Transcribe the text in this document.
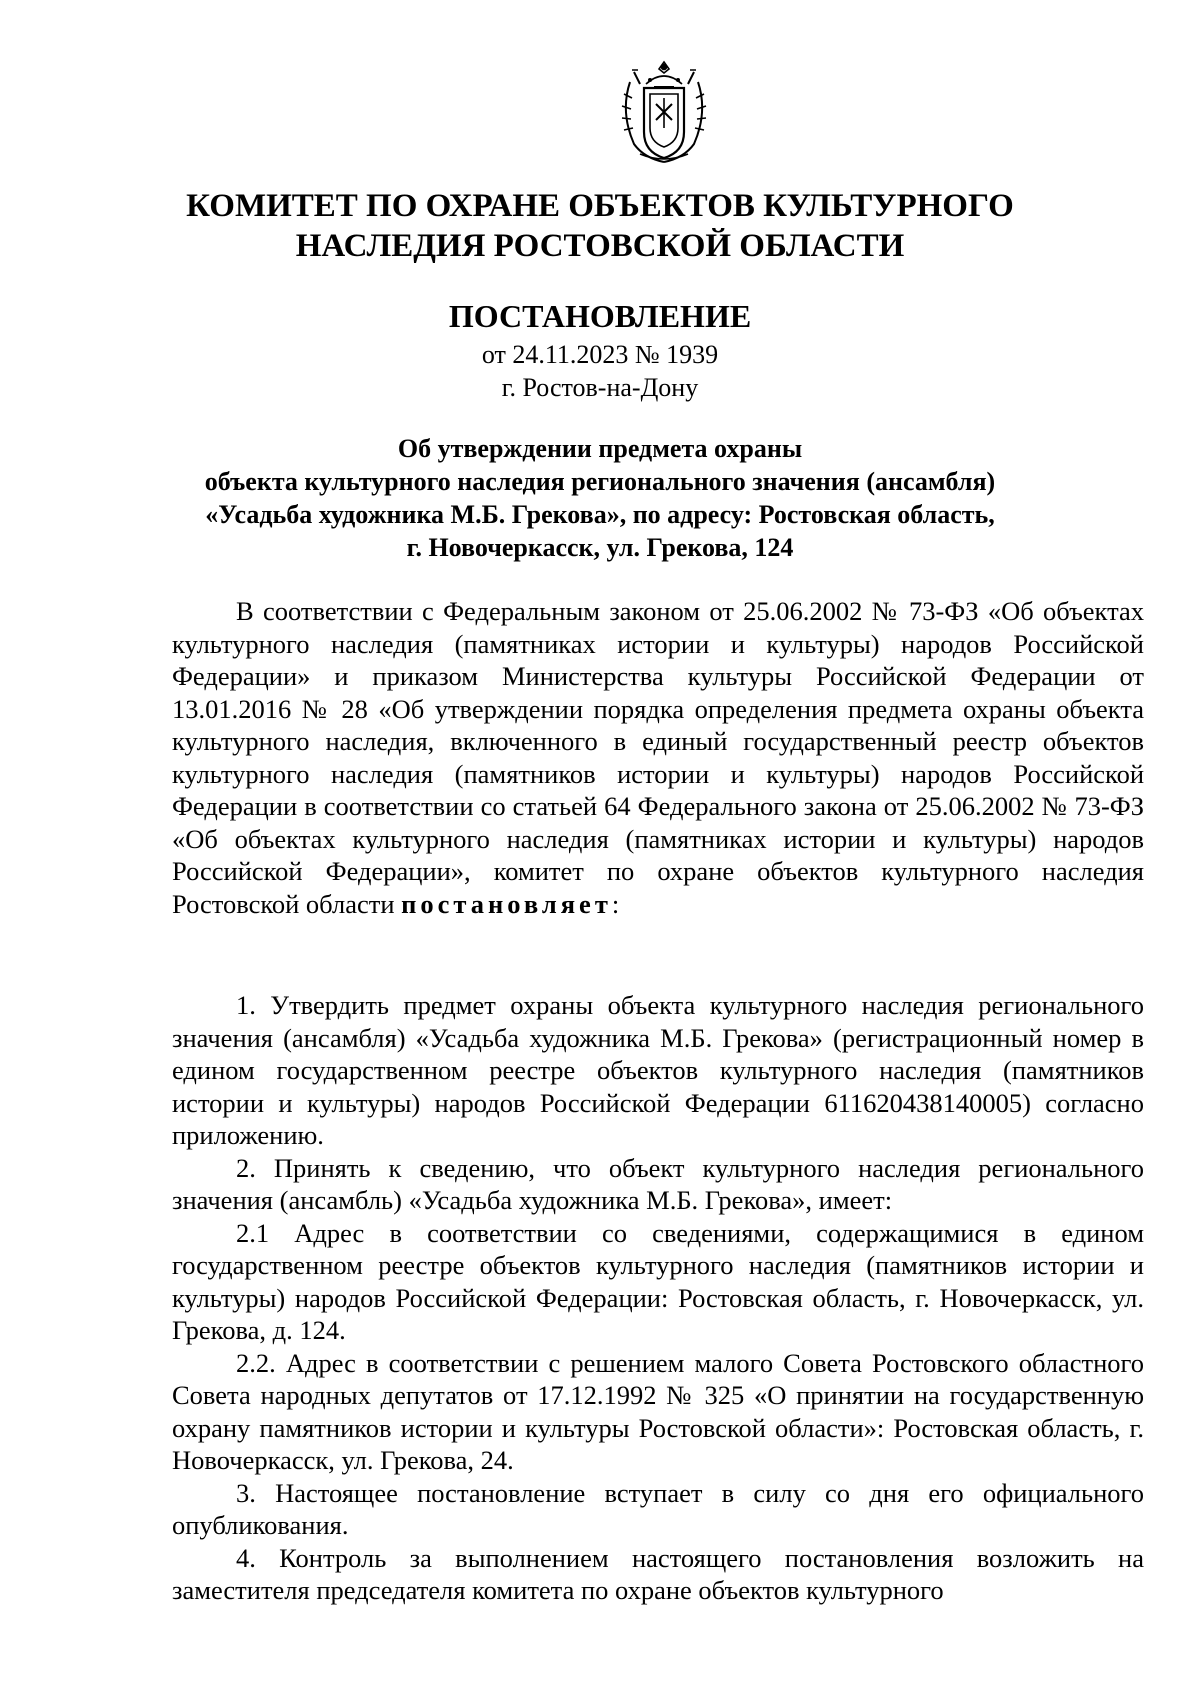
КОМИТЕТ ПО ОХРАНЕ ОБЪЕКТОВ КУЛЬТУРНОГО
НАСЛЕДИЯ РОСТОВСКОЙ ОБЛАСТИ
ПОСТАНОВЛЕНИЕ
от 24.11.2023 № 1939
г. Ростов-на-Дону
Об утверждении предмета охраны
объекта культурного наследия регионального значения (ансамбля)
«Усадьба художника М.Б. Грекова», по адресу: Ростовская область,
г. Новочеркасск, ул. Грекова, 124

В соответствии с Федеральным законом от 25.06.2002 № 73-ФЗ «Об объектах культурного наследия (памятниках истории и культуры) народов Российской Федерации» и приказом Министерства культуры Российской Федерации от 13.01.2016 № 28 «Об утверждении порядка определения предмета охраны объекта культурного наследия, включенного в единый государственный реестр объектов культурного наследия (памятников истории и культуры) народов Российской Федерации в соответствии со статьей 64 Федерального закона от 25.06.2002 № 73-ФЗ «Об объектах культурного наследия (памятниках истории и культуры) народов Российской Федерации», комитет по охране объектов культурного наследия Ростовской области постановляет:

1. Утвердить предмет охраны объекта культурного наследия регионального значения (ансамбля) «Усадьба художника М.Б. Грекова» (регистрационный номер в едином государственном реестре объектов культурного наследия (памятников истории и культуры) народов Российской Федерации 611620438140005) согласно приложению.

2. Принять к сведению, что объект культурного наследия регионального значения (ансамбль) «Усадьба художника М.Б. Грекова», имеет:

2.1 Адрес в соответствии со сведениями, содержащимися в едином государственном реестре объектов культурного наследия (памятников истории и культуры) народов Российской Федерации: Ростовская область, г. Новочеркасск, ул. Грекова, д. 124.

2.2. Адрес в соответствии с решением малого Совета Ростовского областного Совета народных депутатов от 17.12.1992 № 325 «О принятии на государственную охрану памятников истории и культуры Ростовской области»: Ростовская область, г. Новочеркасск, ул. Грекова, 24.

3. Настоящее постановление вступает в силу со дня его официального опубликования.

4. Контроль за выполнением настоящего постановления возложить на заместителя председателя комитета по охране объектов культурного
